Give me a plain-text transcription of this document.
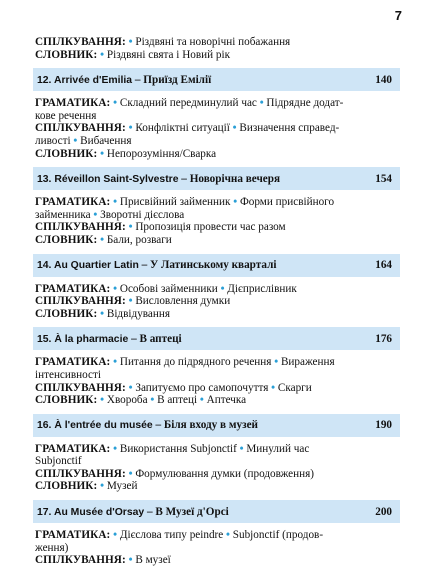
7
СПІЛКУВАННЯ: • Різдвяні та новорічні побажання
СЛОВНИК: • Різдвяні свята і Новий рік
12. Arrivée d'Emilia – Приїзд Емілії	140
ГРАМАТИКА: • Складний передминулий час • Підрядне додат-
кове речення
СПІЛКУВАННЯ: • Конфліктні ситуації • Визначення справед-
ливості • Вибачення
СЛОВНИК: • Непорозуміння/Сварка
13. Réveillon Saint-Sylvestre – Новорічна вечеря	154
ГРАМАТИКА: • Присвійний займенник • Форми присвійного
займенника • Зворотні дієслова
СПІЛКУВАННЯ: • Пропозиція провести час разом
СЛОВНИК: • Бали, розваги
14. Au Quartier Latin – У Латинському кварталі	164
ГРАМАТИКА: • Особові займенники • Дієприслівник
СПІЛКУВАННЯ: • Висловлення думки
СЛОВНИК: • Відвідування
15. À la pharmacie – В аптеці	176
ГРАМАТИКА: • Питання до підрядного речення • Вираження
інтенсивності
СПІЛКУВАННЯ: • Запитуємо про самопочуття • Скарги
СЛОВНИК: • Хвороба • В аптеці • Аптечка
16. À l'entrée du musée – Біля входу в музей	190
ГРАМАТИКА: • Використання Subjonctif • Минулий час
Subjonctif
СПІЛКУВАННЯ: • Формулювання думки (продовження)
СЛОВНИК: • Музей
17. Au Musée d'Orsay – В Музеї д'Орсі	200
ГРАМАТИКА: • Дієслова типу peindre • Subjonctif (продов-
ження)
СПІЛКУВАННЯ: • В музеї
